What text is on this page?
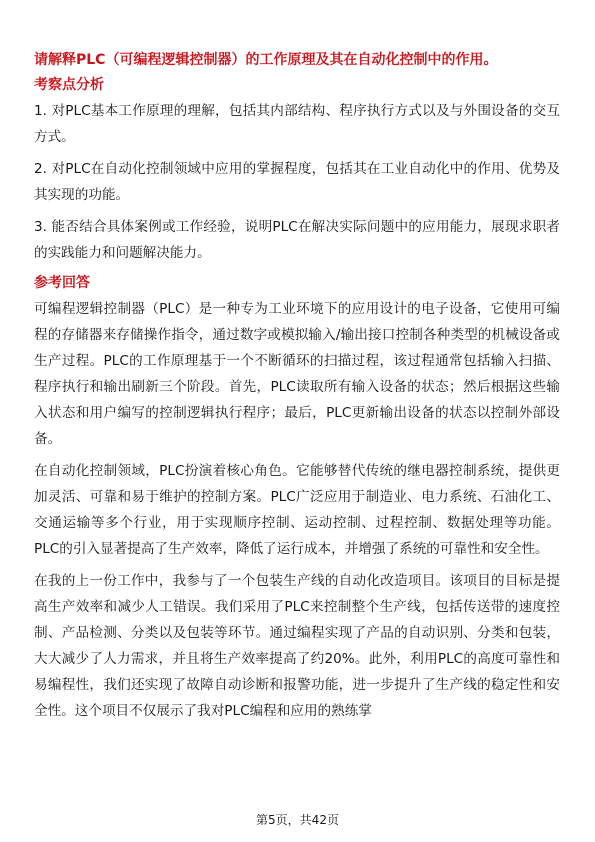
请解释PLC（可编程逻辑控制器）的工作原理及其在自动化控制中的作用。
考察点分析
1. 对PLC基本工作原理的理解，包括其内部结构、程序执行方式以及与外围设备的交互方式。
2. 对PLC在自动化控制领域中应用的掌握程度，包括其在工业自动化中的作用、优势及其实现的功能。
3. 能否结合具体案例或工作经验，说明PLC在解决实际问题中的应用能力，展现求职者的实践能力和问题解决能力。
参考回答
可编程逻辑控制器（PLC）是一种专为工业环境下的应用设计的电子设备，它使用可编程的存储器来存储操作指令，通过数字或模拟输入/输出接口控制各种类型的机械设备或生产过程。PLC的工作原理基于一个不断循环的扫描过程，该过程通常包括输入扫描、程序执行和输出刷新三个阶段。首先，PLC读取所有输入设备的状态；然后根据这些输入状态和用户编写的控制逻辑执行程序；最后，PLC更新输出设备的状态以控制外部设备。
在自动化控制领域，PLC扮演着核心角色。它能够替代传统的继电器控制系统，提供更加灵活、可靠和易于维护的控制方案。PLC广泛应用于制造业、电力系统、石油化工、交通运输等多个行业，用于实现顺序控制、运动控制、过程控制、数据处理等功能。PLC的引入显著提高了生产效率，降低了运行成本，并增强了系统的可靠性和安全性。
在我的上一份工作中，我参与了一个包装生产线的自动化改造项目。该项目的目标是提高生产效率和减少人工错误。我们采用了PLC来控制整个生产线，包括传送带的速度控制、产品检测、分类以及包装等环节。通过编程实现了产品的自动识别、分类和包装，大大减少了人力需求，并且将生产效率提高了约20%。此外，利用PLC的高度可靠性和易编程性，我们还实现了故障自动诊断和报警功能，进一步提升了生产线的稳定性和安全性。这个项目不仅展示了我对PLC编程和应用的熟练掌
第5页，共42页
